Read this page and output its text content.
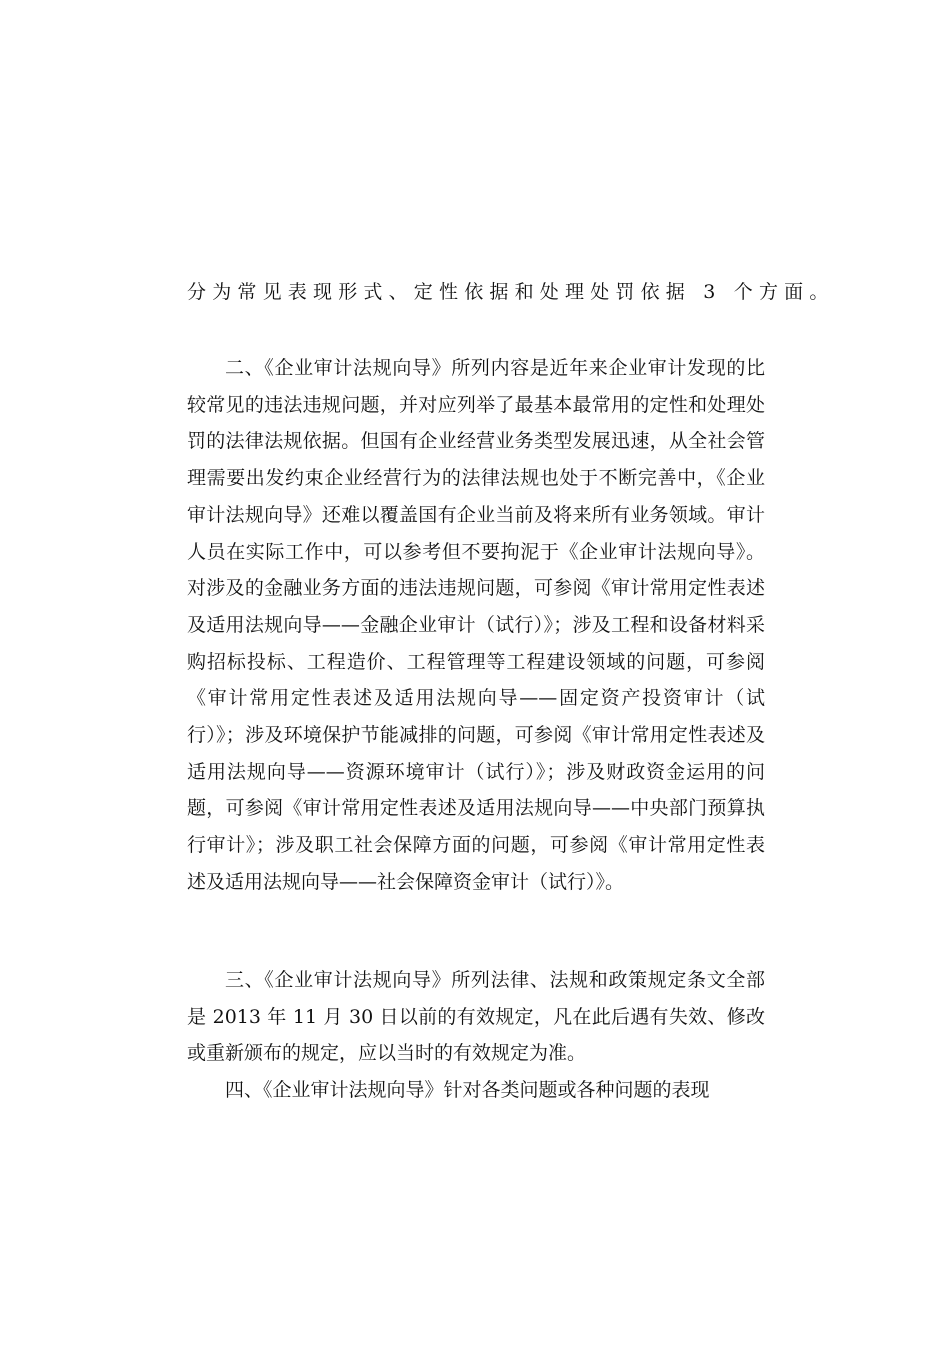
分为常见表现形式、定性依据和处理处罚依据 3 个方面。

二、《企业审计法规向导》所列内容是近年来企业审计发现的比较常见的违法违规问题，并对应列举了最基本最常用的定性和处理处罚的法律法规依据。但国有企业经营业务类型发展迅速，从全社会管理需要出发约束企业经营行为的法律法规也处于不断完善中，《企业审计法规向导》还难以覆盖国有企业当前及将来所有业务领域。审计人员在实际工作中，可以参考但不要拘泥于《企业审计法规向导》。对涉及的金融业务方面的违法违规问题，可参阅《审计常用定性表述及适用法规向导——金融企业审计（试行）》；涉及工程和设备材料采购招标投标、工程造价、工程管理等工程建设领域的问题，可参阅《审计常用定性表述及适用法规向导——固定资产投资审计（试行）》；涉及环境保护节能减排的问题，可参阅《审计常用定性表述及适用法规向导——资源环境审计（试行）》；涉及财政资金运用的问题，可参阅《审计常用定性表述及适用法规向导——中央部门预算执行审计》；涉及职工社会保障方面的问题，可参阅《审计常用定性表述及适用法规向导——社会保障资金审计（试行）》。

三、《企业审计法规向导》所列法律、法规和政策规定条文全部是 2013 年 11 月 30 日以前的有效规定，凡在此后遇有失效、修改或重新颁布的规定，应以当时的有效规定为准。

四、《企业审计法规向导》针对各类问题或各种问题的表现
